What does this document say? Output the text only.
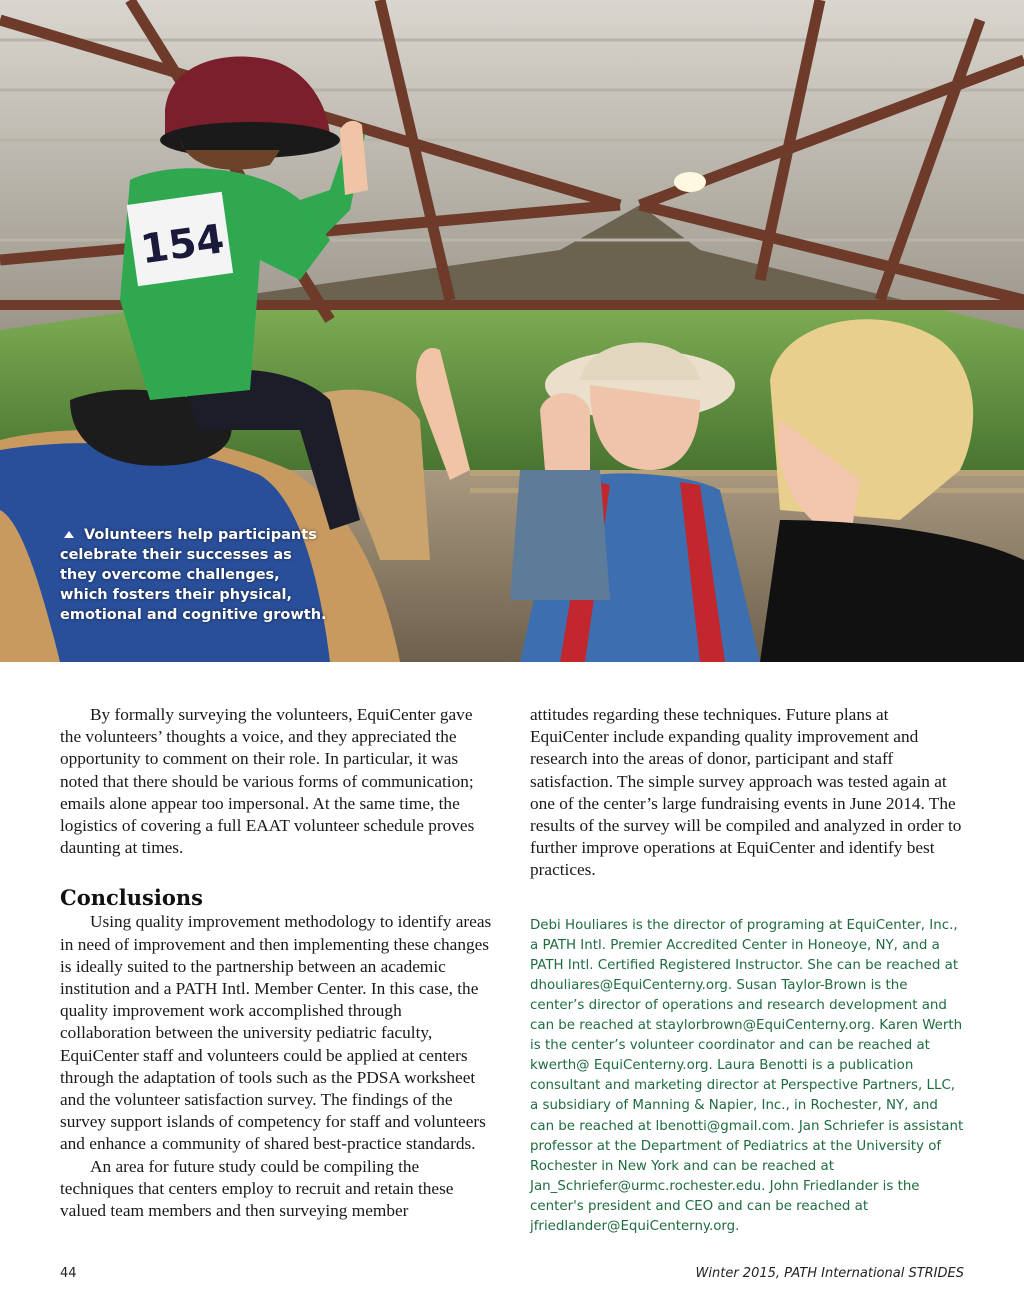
154
Volunteers help participants celebrate their successes as they overcome challenges, which fosters their physical, emotional and cognitive growth.

By formally surveying the volunteers, EquiCenter gave the volunteers’ thoughts a voice, and they appreciated the opportunity to comment on their role. In particular, it was noted that there should be various forms of communication; emails alone appear too impersonal. At the same time, the logistics of covering a full EAAT volunteer schedule proves daunting at times.

Conclusions

Using quality improvement methodology to identify areas in need of improvement and then implementing these changes is ideally suited to the partnership between an academic institution and a PATH Intl. Member Center. In this case, the quality improvement work accomplished through collaboration between the university pediatric faculty, EquiCenter staff and volunteers could be applied at centers through the adaptation of tools such as the PDSA worksheet and the volunteer satisfaction survey. The findings of the survey support islands of competency for staff and volunteers and enhance a community of shared best-practice standards.

An area for future study could be compiling the techniques that centers employ to recruit and retain these valued team members and then surveying member

attitudes regarding these techniques. Future plans at EquiCenter include expanding quality improvement and research into the areas of donor, participant and staff satisfaction. The simple survey approach was tested again at one of the center’s large fundraising events in June 2014. The results of the survey will be compiled and analyzed in order to further improve operations at EquiCenter and identify best practices.

Debi Houliares is the director of programing at EquiCenter, Inc., a PATH Intl. Premier Accredited Center in Honeoye, NY, and a PATH Intl. Certified Registered Instructor. She can be reached at dhouliares@EquiCenterny.org. Susan Taylor-Brown is the center’s director of operations and research development and can be reached at staylorbrown@EquiCenterny.org. Karen Werth is the center’s volunteer coordinator and can be reached at kwerth@ EquiCenterny.org. Laura Benotti is a publication consultant and marketing director at Perspective Partners, LLC, a subsidiary of Manning & Napier, Inc., in Rochester, NY, and can be reached at lbenotti@gmail.com. Jan Schriefer is assistant professor at the Department of Pediatrics at the University of Rochester in New York and can be reached at Jan_Schriefer@urmc.rochester.edu. John Friedlander is the center's president and CEO and can be reached at jfriedlander@EquiCenterny.org.

44	Winter 2015, PATH International STRIDES
